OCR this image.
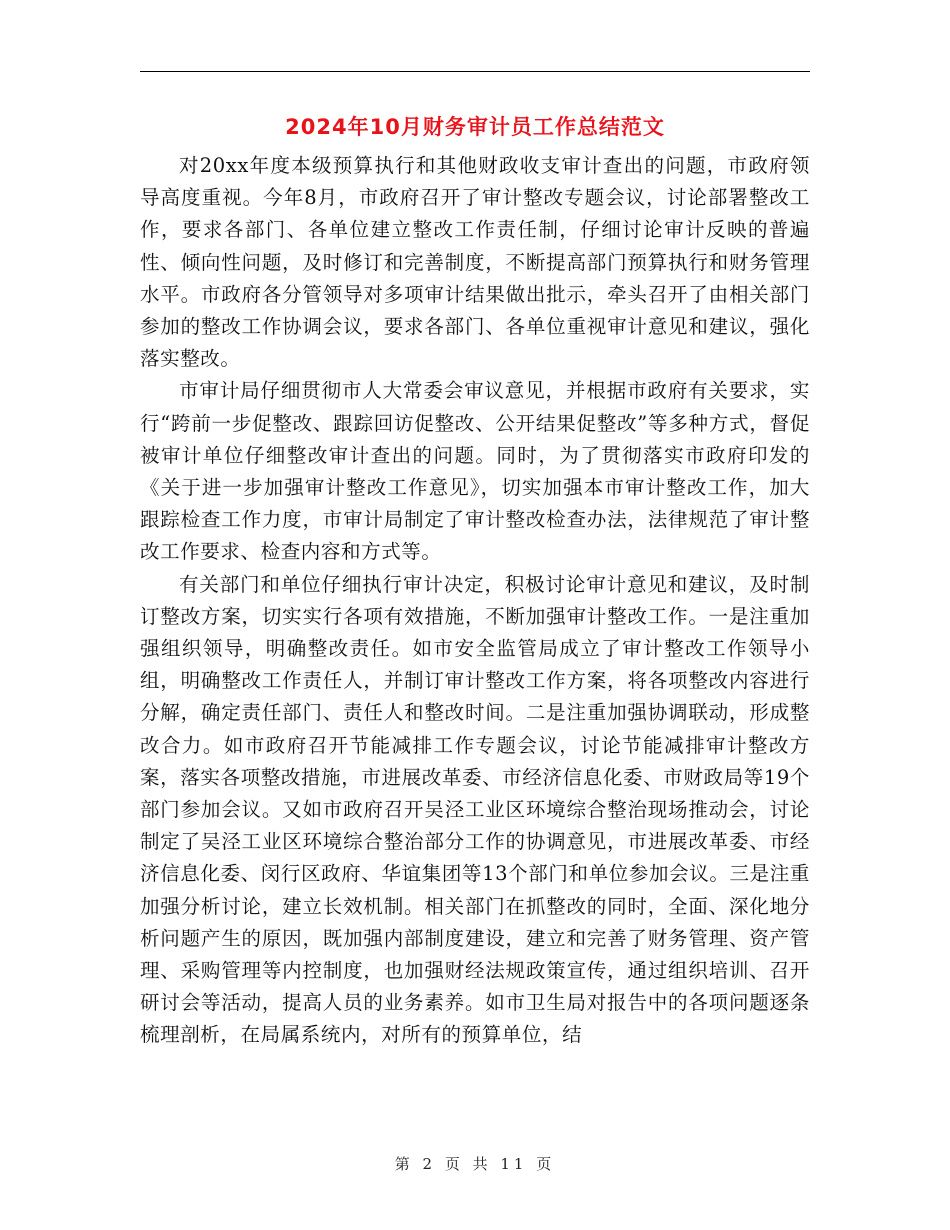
2024年10月财务审计员工作总结范文

对20xx年度本级预算执行和其他财政收支审计查出的问题，市政府领导高度重视。今年8月，市政府召开了审计整改专题会议，讨论部署整改工作，要求各部门、各单位建立整改工作责任制，仔细讨论审计反映的普遍性、倾向性问题，及时修订和完善制度，不断提高部门预算执行和财务管理水平。市政府各分管领导对多项审计结果做出批示，牵头召开了由相关部门参加的整改工作协调会议，要求各部门、各单位重视审计意见和建议，强化落实整改。

市审计局仔细贯彻市人大常委会审议意见，并根据市政府有关要求，实行“跨前一步促整改、跟踪回访促整改、公开结果促整改”等多种方式，督促被审计单位仔细整改审计查出的问题。同时，为了贯彻落实市政府印发的《关于进一步加强审计整改工作意见》，切实加强本市审计整改工作，加大跟踪检查工作力度，市审计局制定了审计整改检查办法，法律规范了审计整改工作要求、检查内容和方式等。

有关部门和单位仔细执行审计决定，积极讨论审计意见和建议，及时制订整改方案，切实实行各项有效措施，不断加强审计整改工作。一是注重加强组织领导，明确整改责任。如市安全监管局成立了审计整改工作领导小组，明确整改工作责任人，并制订审计整改工作方案，将各项整改内容进行分解，确定责任部门、责任人和整改时间。二是注重加强协调联动，形成整改合力。如市政府召开节能减排工作专题会议，讨论节能减排审计整改方案，落实各项整改措施，市进展改革委、市经济信息化委、市财政局等19个部门参加会议。又如市政府召开吴泾工业区环境综合整治现场推动会，讨论制定了吴泾工业区环境综合整治部分工作的协调意见，市进展改革委、市经济信息化委、闵行区政府、华谊集团等13个部门和单位参加会议。三是注重加强分析讨论，建立长效机制。相关部门在抓整改的同时，全面、深化地分析问题产生的原因，既加强内部制度建设，建立和完善了财务管理、资产管理、采购管理等内控制度，也加强财经法规政策宣传，通过组织培训、召开研讨会等活动，提高人员的业务素养。如市卫生局对报告中的各项问题逐条梳理剖析，在局属系统内，对所有的预算单位，结

第 2 页 共 11 页
